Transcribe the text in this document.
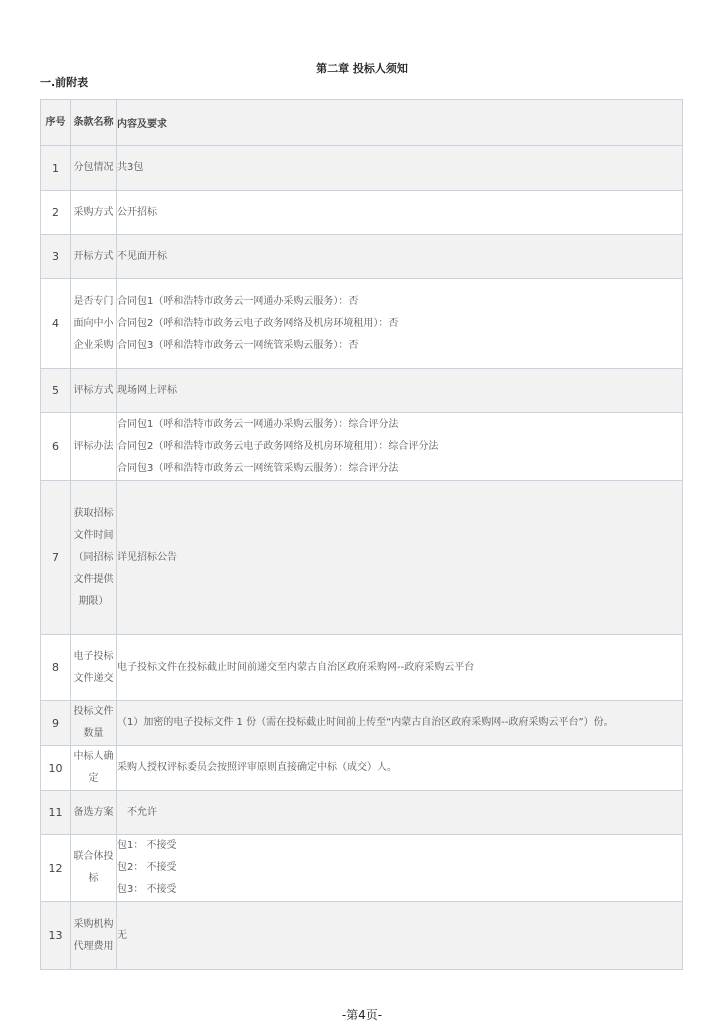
第二章 投标人须知
一.前附表
序号	条款名称	内容及要求
1	分包情况	共3包

2	采购方式	公开招标

3	开标方式	不见面开标

4	是否专门面向中小企业采购	合同包1（呼和浩特市政务云一网通办采购云服务）：否
合同包2（呼和浩特市政务云电子政务网络及机房环境租用）：否
合同包3（呼和浩特市政务云一网统管采购云服务）：否

5	评标方式	现场网上评标

6	评标办法	合同包1（呼和浩特市政务云一网通办采购云服务）：综合评分法
合同包2（呼和浩特市政务云电子政务网络及机房环境租用）：综合评分法
合同包3（呼和浩特市政务云一网统管采购云服务）：综合评分法

7	获取招标文件时间（同招标文件提供期限）	详见招标公告

8	电子投标文件递交	电子投标文件在投标截止时间前递交至内蒙古自治区政府采购网--政府采购云平台

9	投标文件数量	（1）加密的电子投标文件 1 份（需在投标截止时间前上传至“内蒙古自治区政府采购网--政府采购云平台”）份。

10	中标人确定	采购人授权评标委员会按照评审原则直接确定中标（成交）人。

11	备选方案	不允许

12	联合体投标	包1： 不接受
包2： 不接受
包3： 不接受

13	采购机构代理费用	无
-第4页-
